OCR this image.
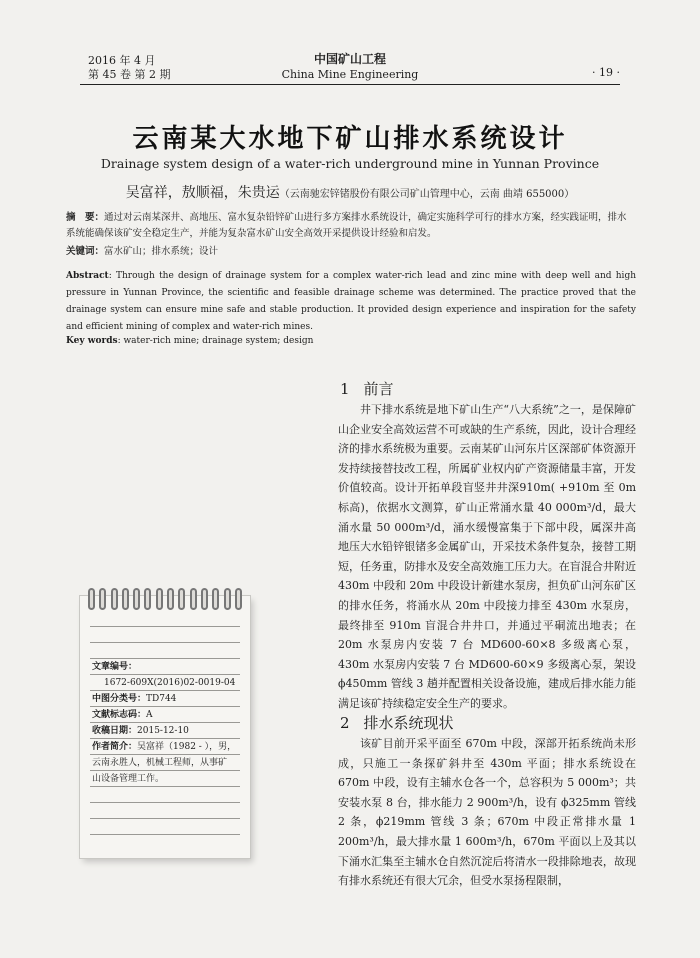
2016 年 4 月
第 45 卷 第 2 期
中国矿山工程
China Mine Engineering	· 19 ·
云南某大水地下矿山排水系统设计
Drainage system design of a water-rich underground mine in Yunnan Province
吴富祥，敖顺福，朱贵运（云南驰宏锌锗股份有限公司矿山管理中心，云南 曲靖 655000）
摘　要：通过对云南某深井、高地压、富水复杂铅锌矿山进行多方案排水系统设计，确定实施科学可行的排水方案，经实践证明，排水系统能确保该矿安全稳定生产，并能为复杂富水矿山安全高效开采提供设计经验和启发。
关键词：富水矿山；排水系统；设计
Abstract: Through the design of drainage system for a complex water-rich lead and zinc mine with deep well and high pressure in Yunnan Province, the scientific and feasible drainage scheme was determined. The practice proved that the drainage system can ensure mine safe and stable production. It provided design experience and inspiration for the safety and efficient mining of complex and water-rich mines.
Key words: water-rich mine; drainage system; design
1 前言

井下排水系统是地下矿山生产“八大系统”之一，是保障矿山企业安全高效运营不可或缺的生产系统，因此，设计合理经济的排水系统极为重要。云南某矿山河东片区深部矿体资源开发持续接替技改工程，所属矿业权内矿产资源储量丰富，开发价值较高。设计开拓单段盲竖井井深910m( +910m 至 0m 标高)，依据水文测算，矿山正常涌水量 40 000m³/d，最大涌水量 50 000m³/d，涌水缓慢富集于下部中段，属深井高地压大水铅锌银锗多金属矿山，开采技术条件复杂，接替工期短，任务重，防排水及安全高效施工压力大。在盲混合井附近 430m 中段和 20m 中段设计新建水泵房，担负矿山河东矿区的排水任务，将涌水从 20m 中段接力排至 430m 水泵房，最终排至 910m 盲混合井井口，并通过平硐流出地表；在 20m 水泵房内安装 7 台 MD600-60×8 多级离心泵，430m 水泵房内安装 7 台 MD600-60×9 多级离心泵，架设 ϕ450mm 管线 3 趟并配置相关设备设施，建成后排水能力能满足该矿持续稳定安全生产的要求。

2 排水系统现状

该矿目前开采平面至 670m 中段，深部开拓系统尚未形成，只施工一条探矿斜井至 430m 平面；排水系统设在 670m 中段，设有主辅水仓各一个，总容积为 5 000m³；共安装水泵 8 台，排水能力 2 900m³/h，设有 ϕ325mm 管线 2 条，ϕ219mm 管线 3 条；670m 中段正常排水量 1 200m³/h，最大排水量 1 600m³/h，670m 平面以上及其以下涌水汇集至主辅水仓自然沉淀后将清水一段排除地表，故现有排水系统还有很大冗余，但受水泵扬程限制，

文章编号：
1672-609X(2016)02-0019-04
中图分类号：TD744
文献标志码：A
收稿日期：2015-12-10
作者简介：吴富祥（1982 - ），男，
云南永胜人，机械工程师，从事矿
山设备管理工作。
